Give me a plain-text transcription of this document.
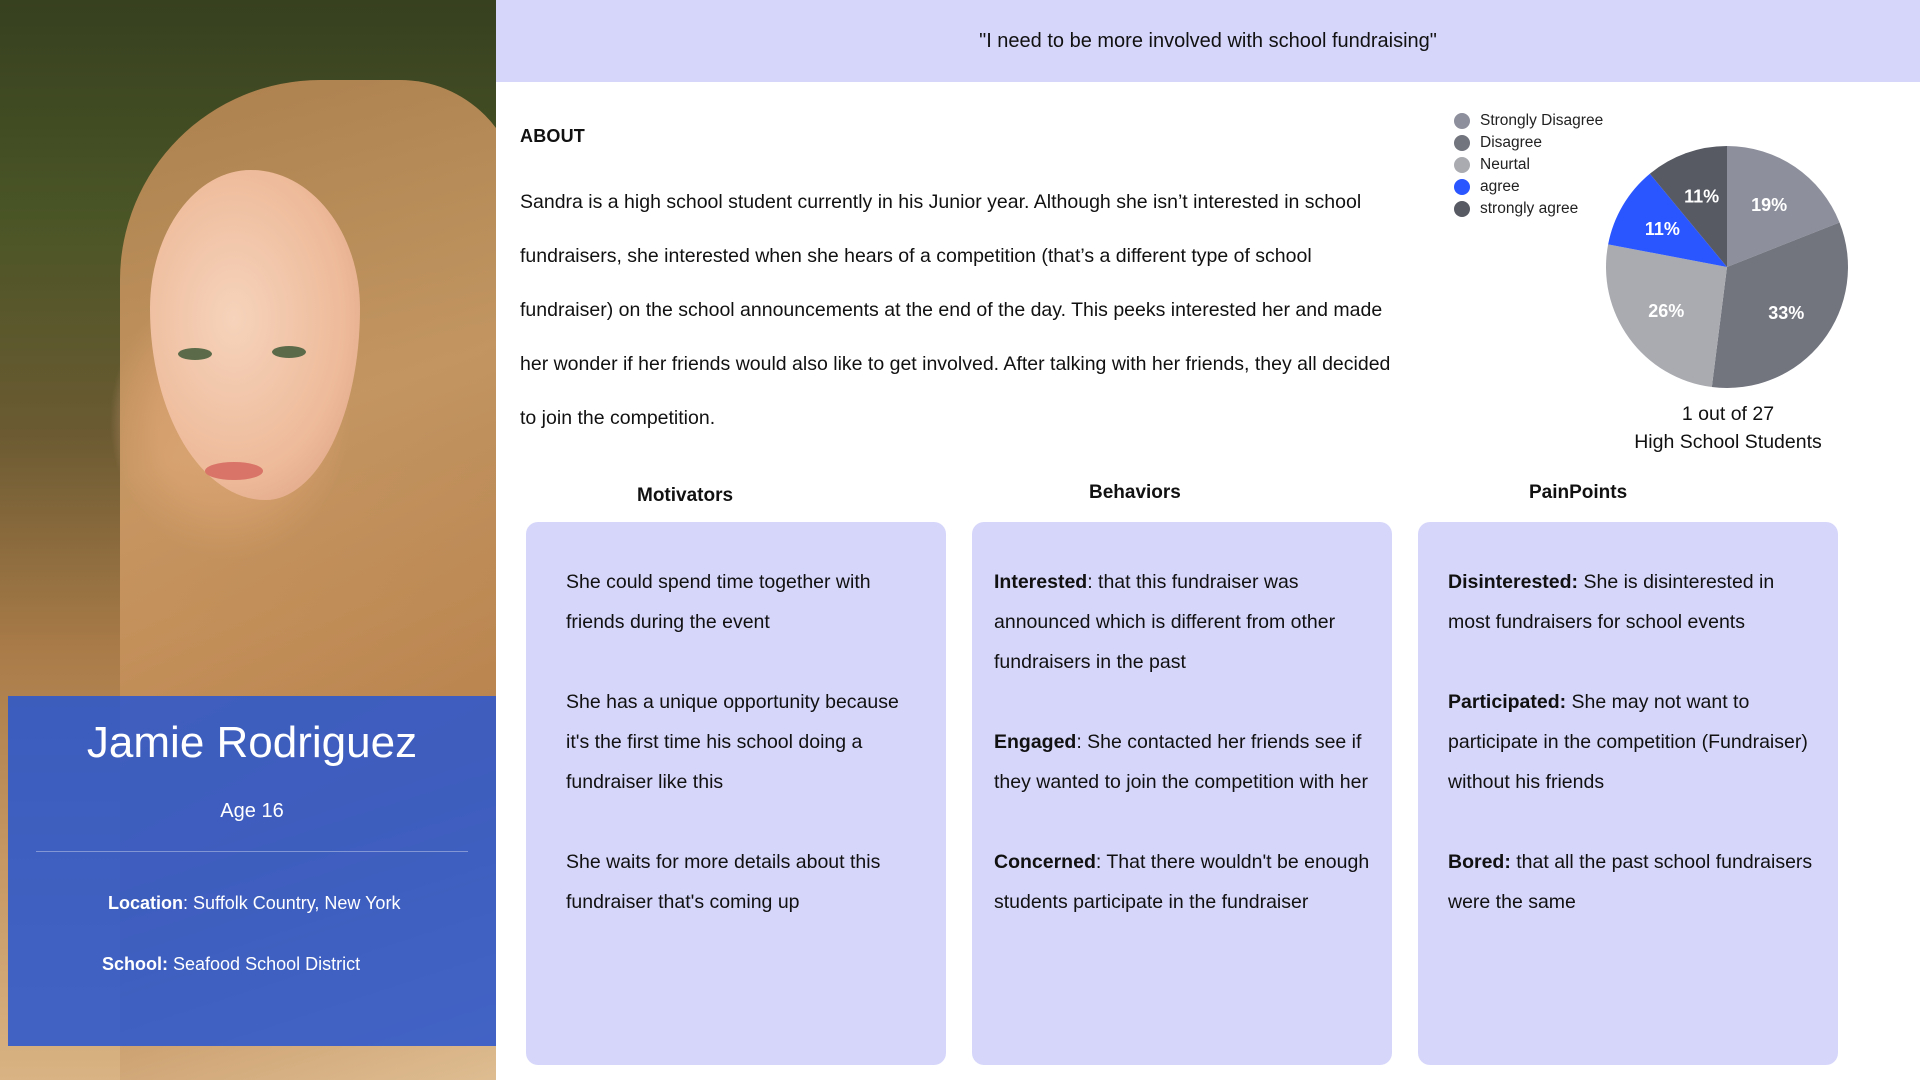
Jamie Rodriguez
Age 16
Location: Suffolk Country, New York
School: Seafood School District
"I need to be more involved with school fundraising"
ABOUT
Sandra is a high school student currently in his Junior year. Although she isn’t interested in school fundraisers, she interested when she hears of a competition (that’s a different type of school fundraiser) on the school announcements at the end of the day. This peeks interested her and made her wonder if her friends would also like to get involved. After talking with her friends, they all decided to join the competition.
Strongly Disagree
Disagree
Neurtal
agree
strongly agree	19%
33%
26%
11%
11%
1 out of 27
High School Students
Motivators	Behaviors	PainPoints
She could spend time together with friends during the event
She has a unique opportunity because it's the first time his school doing a fundraiser like this
She waits for more details about this fundraiser that's coming up
Interested: that this fundraiser was announced which is different from other fundraisers in the past
Engaged: She contacted her friends see if they wanted to join the competition with her
Concerned: That there wouldn't be enough students participate in the fundraiser
Disinterested: She is disinterested in most fundraisers for school events
Participated: She may not want to participate in the competition (Fundraiser) without his friends
Bored: that all the past school fundraisers were the same
